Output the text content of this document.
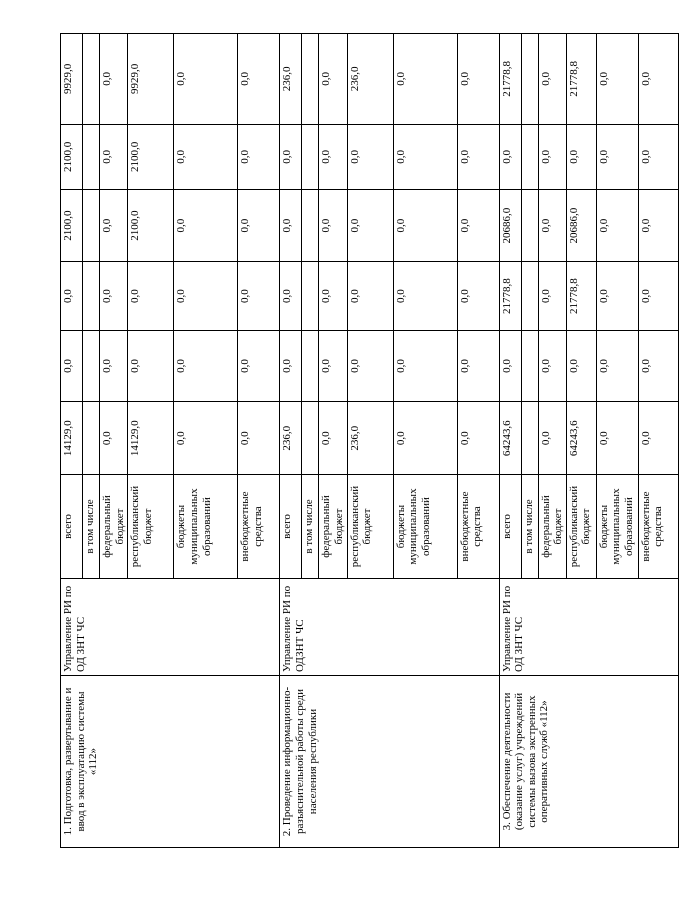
1. Подготовка, развертывание и ввод в эксплуатацию системы «112»	Управление РИ по ОД ЗНТ ЧС	всего	14129,0	0,0	0,0	2100,0	2100,0	9929,0
		в том числе						
		федеральный бюджет	0,0	0,0	0,0	0,0	0,0	0,0
		республиканский бюджет	14129,0	0,0	0,0	2100,0	2100,0	9929,0
		бюджеты муниципальных образований	0,0	0,0	0,0	0,0	0,0	0,0
		внебюджетные средства	0,0	0,0	0,0	0,0	0,0	0,0
2. Проведение информационно-разъяснительной работы среди населения республики	Управление РИ по ОДЗНТ ЧС	всего	236,0	0,0	0,0	0,0	0,0	236,0
		в том числе						
		федеральный бюджет	0,0	0,0	0,0	0,0	0,0	0,0
		республиканский бюджет	236,0	0,0	0,0	0,0	0,0	236,0
		бюджеты муниципальных образований	0,0	0,0	0,0	0,0	0,0	0,0
		внебюджетные средства	0,0	0,0	0,0	0,0	0,0	0,0
3. Обеспечение деятельности (оказание услуг) учреждений системы вызова экстренных оперативных служб «112»	Управление РИ по ОД ЗНТ ЧС	всего	64243,6	0,0	21778,8	20686,0	0,0	21778,8
		в том числе						
		федеральный бюджет	0,0	0,0	0,0	0,0	0,0	0,0
		республиканский бюджет	64243,6	0,0	21778,8	20686,0	0,0	21778,8
		бюджеты муниципальных образований	0,0	0,0	0,0	0,0	0,0	0,0
		внебюджетные средства	0,0	0,0	0,0	0,0	0,0	0,0
